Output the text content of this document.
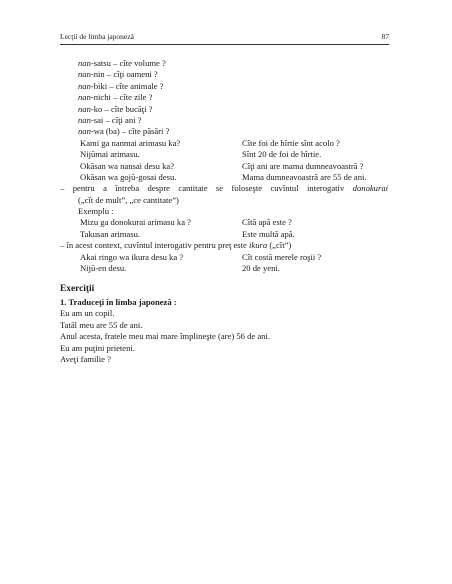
Lecţii de limba japoneză	87
nan-satsu – cîte volume ?
nan-nin – cîţi oameni ?
nan-biki – cîte animale ?
nan-nichi – cîte zile ?
nan-ko – cîte bucăţi ?
nan-sai – cîţi ani ?
nan-wa (ba) – cîte păsări ?
Kami ga nanmai arimasu ka?	Cîte foi de hîrtie sînt acolo ?
Nijūmai arimasu.	Sînt 20 de foi de hîrtie.
Okāsan wa nansai desu ka?	Cîţi ani are mama dumneavoastră ?
Okāsan wa gojū-gosai desu.	Mama dumneavoastră are 55 de ani.
– pentru a întreba despre cantitate se foloseşte cuvîntul interogativ donokurai
(„cît de mult”, „ce cantitate”)
Exemplu :
Mizu ga donokurai arimasu ka ?	Cîtă apă este ?
Takusan arimasu.	Este multă apă.
– în acest context, cuvîntul interogativ pentru preţ este ikura („cît”)
Akai ringo wa ikura desu ka ?	Cît costă merele roşii ?
Nijū-en desu.	20 de yeni.
Exerciţii
1. Traduceţi în limba japoneză :
Eu am un copil.
Tatăl meu are 55 de ani.
Anul acesta, fratele meu mai mare împlineşte (are) 56 de ani.
Eu am puţini prieteni.
Aveţi familie ?
